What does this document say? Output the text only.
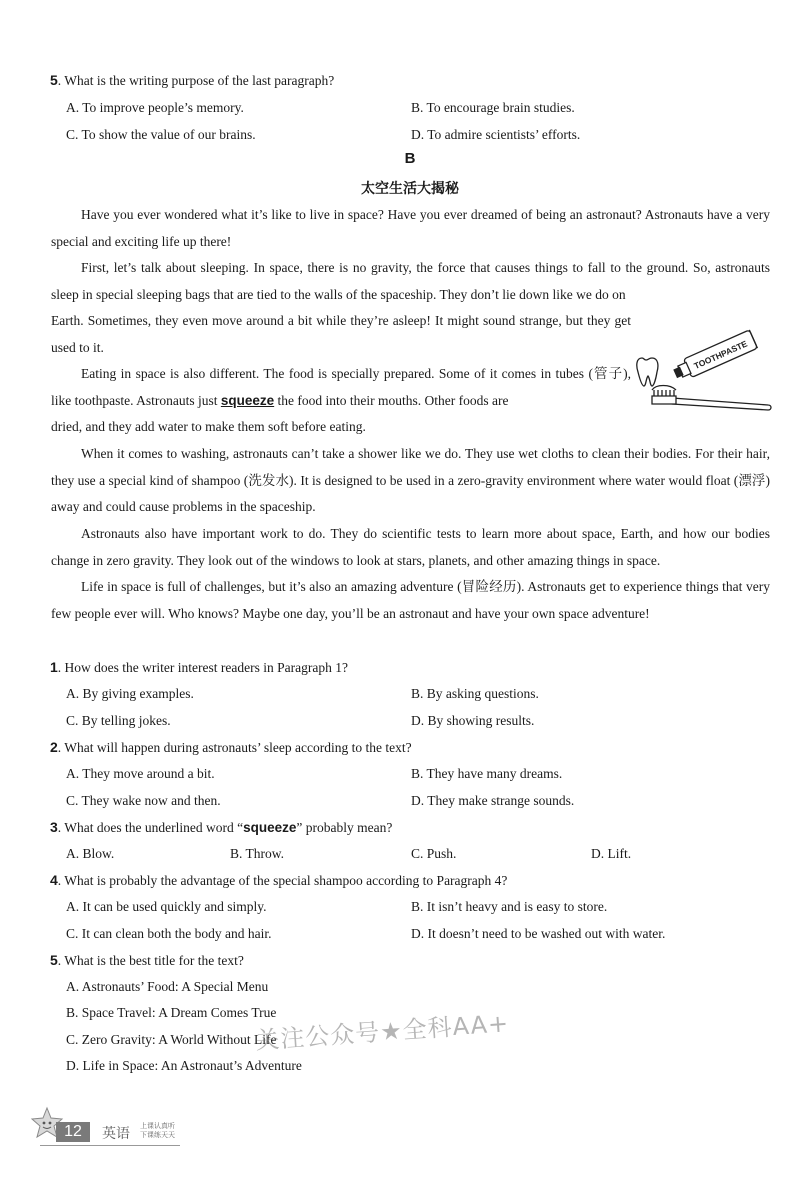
5. What is the writing purpose of the last paragraph?
A. To improve people’s memory.	B. To encourage brain studies.
C. To show the value of our brains.	D. To admire scientists’ efforts.
B
太空生活大揭秘
Have you ever wondered what it’s like to live in space? Have you ever dreamed of being an astronaut? Astronauts have a very special and exciting life up there!
First, let’s talk about sleeping. In space, there is no gravity, the force that causes things to fall to the ground. So, astronauts sleep in special sleeping bags that are tied to the walls of the spaceship. They don’t lie down like we do on
Earth. Sometimes, they even move around a bit while they’re asleep! It might sound strange, but they get used to it.
Eating in space is also different. The food is specially prepared. Some of it comes in tubes (管子), like toothpaste. Astronauts just squeeze the food into their mouths. Other foods are
dried, and they add water to make them soft before eating.
When it comes to washing, astronauts can’t take a shower like we do. They use wet cloths to clean their bodies. For their hair, they use a special kind of shampoo (洗发水). It is designed to be used in a zero-gravity environment where water would float (漂浮) away and could cause problems in the spaceship.
Astronauts also have important work to do. They do scientific tests to learn more about space, Earth, and how our bodies change in zero gravity. They look out of the windows to look at stars, planets, and other amazing things in space.
Life in space is full of challenges, but it’s also an amazing adventure (冒险经历). Astronauts get to experience things that very few people ever will. Who knows? Maybe one day, you’ll be an astronaut and have your own space adventure!
TOOTHPASTE
1. How does the writer interest readers in Paragraph 1?
A. By giving examples.	B. By asking questions.
C. By telling jokes.	D. By showing results.
2. What will happen during astronauts’ sleep according to the text?
A. They move around a bit.	B. They have many dreams.
C. They wake now and then.	D. They make strange sounds.
3. What does the underlined word “squeeze” probably mean?
A. Blow.	B. Throw.	C. Push.	D. Lift.
4. What is probably the advantage of the special shampoo according to Paragraph 4?
A. It can be used quickly and simply.	B. It isn’t heavy and is easy to store.
C. It can clean both the body and hair.	D. It doesn’t need to be washed out with water.
5. What is the best title for the text?
A. Astronauts’ Food: A Special Menu
B. Space Travel: A Dream Comes True
C. Zero Gravity: A World Without Life
D. Life in Space: An Astronaut’s Adventure
关注公众号★全科AA+
12	英语 上课认真听
下课练天天
